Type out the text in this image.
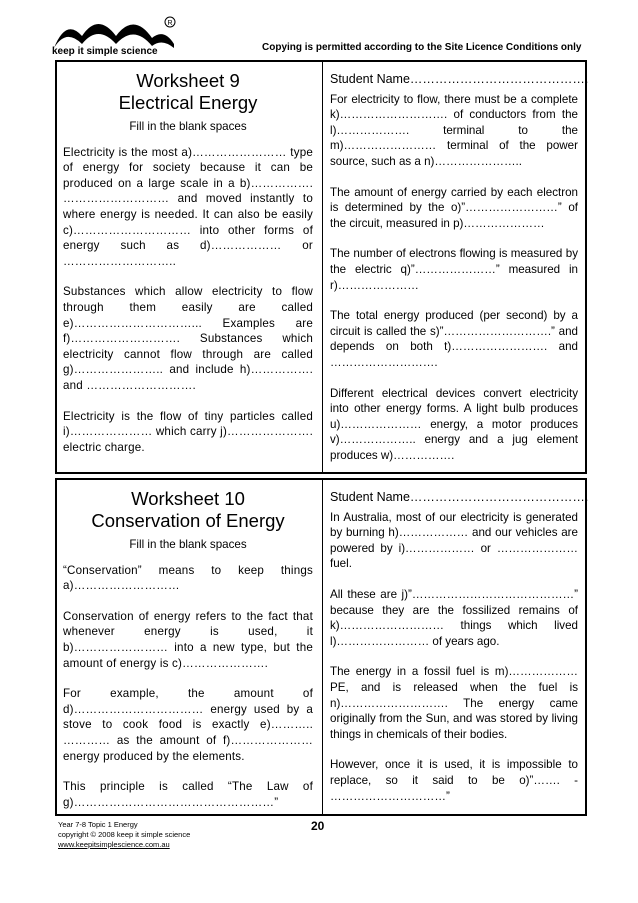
R
keep it simple science	Copying is permitted according to the Site Licence Conditions only
Worksheet 9
Electrical Energy
Fill in the blank spaces

Electricity is the most a)…………………… type of energy for society because it can be produced on a large scale in a b)……………. ……………………… and moved instantly to where energy is needed. It can also be easily c)………………………… into other forms of energy such as d)……………… or ………………………..

Substances which allow electricity to flow through them easily are called e)…………………………... Examples are f)………………………. Substances which electricity cannot flow through are called g)………………….. and include h)……………. and ……………………….

Electricity is the flow of tiny particles called i)………………… which carry j)…………………. electric charge.

Student Name…………………………………….

For electricity to flow, there must be a complete k)………………………. of conductors from the l)………………. terminal to the m)…………………… terminal of the power source, such as a n)…………………..

The amount of energy carried by each electron is determined by the o)”……………………” of the circuit, measured in p)…………………

The number of electrons flowing is measured by the electric q)”…………………” measured in r)…………………

The total energy produced (per second) by a circuit is called the s)”……………………….” and depends on both t)……………………. and ……………………….

Different electrical devices convert electricity into other energy forms. A light bulb produces u)………………… energy, a motor produces v)……………….. energy and a jug element produces w)…………….

Worksheet 10
Conservation of Energy
Fill in the blank spaces

“Conservation” means to keep things a)………………………

Conservation of energy refers to the fact that whenever energy is used, it b)…………………… into a new type, but the amount of energy is c)………………….

For example, the amount of d)…………………………… energy used by a stove to cook food is exactly e)……….. ………… as the amount of f)………………… energy produced by the elements.

This principle is called “The Law of g)……………………………………………”

Student Name…………………………………….

In Australia, most of our electricity is generated by burning h)……………… and our vehicles are powered by i)……………… or ………………… fuel.

All these are j)”……………………………………” because they are the fossilized remains of k)……………………… things which lived l)…………………… of years ago.

The energy in a fossil fuel is m)……………… PE, and is released when the fuel is n)………………………. The energy came originally from the Sun, and was stored by living things in chemicals of their bodies.

However, once it is used, it is impossible to replace, so it said to be o)”……. - …………………………”

Year 7-8 Topic 1 Energy
copyright © 2008 keep it simple science
www.keepitsimplescience.com.au
20
